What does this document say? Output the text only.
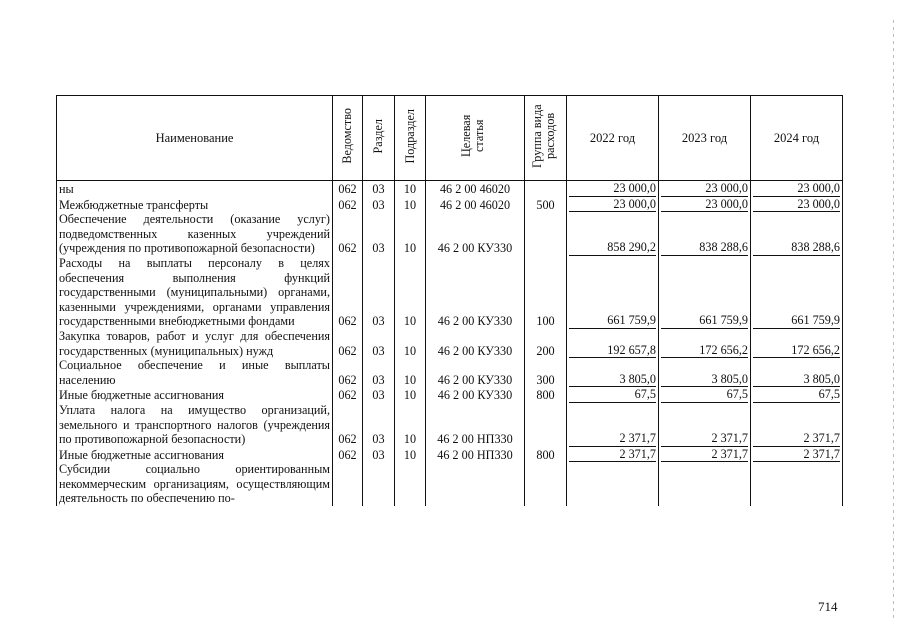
Наименование	Ведомство	Раздел	Подраздел	Целевая статья	Группа вида расходов	2022 год	2023 год	2024 год
ны	062	03	10	46 2 00 46020		23 000,0	23 000,0	23 000,0

Межбюджетные трансферты	062	03	10	46 2 00 46020	500	23 000,0	23 000,0	23 000,0

Обеспечение деятельности (оказание услуг) подведомственных казенных учреждений (учреждения по противопожарной безопасности)	062	03	10	46 2 00 КУ330		858 290,2	838 288,6	838 288,6

Расходы на выплаты персоналу в целях обеспечения выполнения функций государственными (муниципальными) органами, казенными учреждениями, органами управления государственными внебюджетными фондами	062	03	10	46 2 00 КУ330	100	661 759,9	661 759,9	661 759,9

Закупка товаров, работ и услуг для обеспечения государственных (муниципальных) нужд	062	03	10	46 2 00 КУ330	200	192 657,8	172 656,2	172 656,2

Социальное обеспечение и иные выплаты населению	062	03	10	46 2 00 КУ330	300	3 805,0	3 805,0	3 805,0

Иные бюджетные ассигнования	062	03	10	46 2 00 КУ330	800	67,5	67,5	67,5

Уплата налога на имущество организаций, земельного и транспортного налогов (учреждения по противопожарной безопасности)	062	03	10	46 2 00 НП330		2 371,7	2 371,7	2 371,7

Иные бюджетные ассигнования	062	03	10	46 2 00 НП330	800	2 371,7	2 371,7	2 371,7

Субсидии социально ориентированным некоммерческим организациям, осуществляющим деятельность по обеспечению по-								
714
